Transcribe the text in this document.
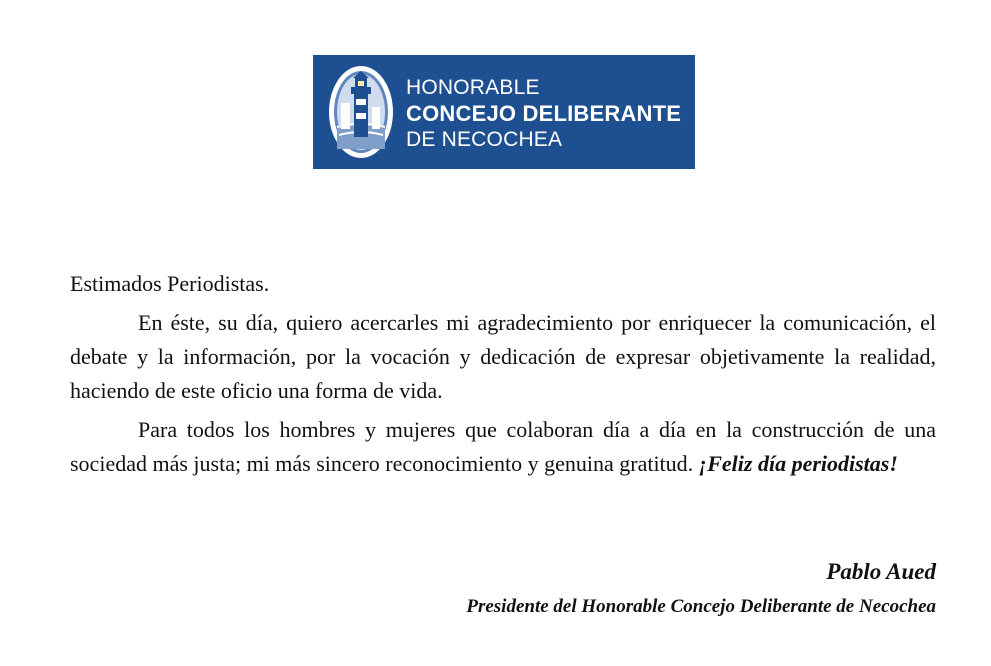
HONORABLE
CONCEJO DELIBERANTE
DE NECOCHEA

Estimados Periodistas.

En éste, su día, quiero acercarles mi agradecimiento por enriquecer la comunicación, el debate y la información, por la vocación y dedicación de expresar objetivamente la realidad, haciendo de este oficio una forma de vida.

Para todos los hombres y mujeres que colaboran día a día en la construcción de una sociedad más justa; mi más sincero reconocimiento y genuina gratitud. ¡Feliz día periodistas!

Pablo Aued
Presidente del Honorable Concejo Deliberante de Necochea
